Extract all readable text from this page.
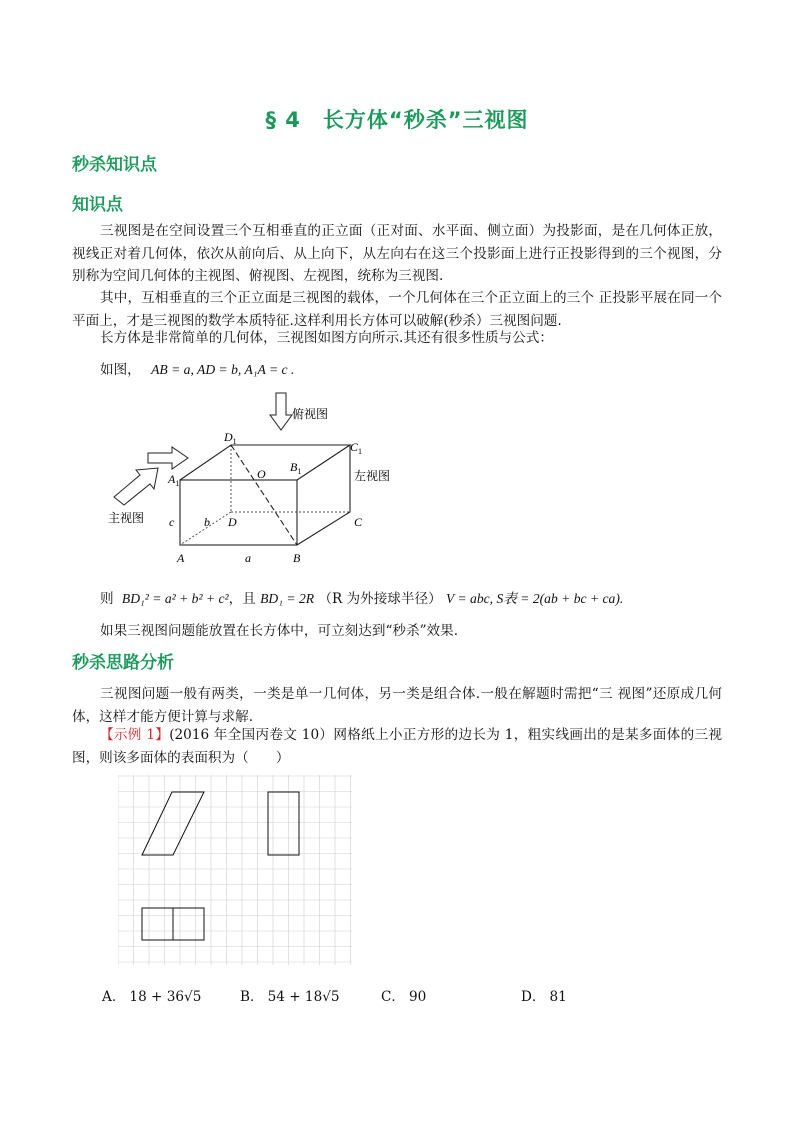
§ 4　长方体“秒杀”三视图
秒杀知识点
知识点
三视图是在空间设置三个互相垂直的正立面（正对面、水平面、侧立面）为投影面，是在几何体正放，视线正对着几何体，依次从前向后、从上向下，从左向右在这三个投影面上进行正投影得到的三个视图，分别称为空间几何体的主视图、俯视图、左视图，统称为三视图.
其中，互相垂直的三个正立面是三视图的载体，一个几何体在三个正立面上的三个 正投影平展在同一个平面上，才是三视图的数学本质特征.这样利用长方体可以破解(秒杀）三视图问题.
长方体是非常简单的几何体，三视图如图方向所示.其还有很多性质与公式：
如图， AB = a, AD = b, A₁A = c .
俯视图
左视图
主视图
$D_1$	$C_1$
$B_1$
$A_1$
O
D	C
A	B
a
b
c
则 BD₁² = a² + b² + c²，且 BD₁ = 2R （R 为外接球半径） V = abc, S表 = 2(ab + bc + ca).
如果三视图问题能放置在长方体中，可立刻达到“秒杀”效果.
秒杀思路分析
三视图问题一般有两类，一类是单一几何体，另一类是组合体.一般在解题时需把“三 视图”还原成几何体，这样才能方便计算与求解.
【示例 1】(2016 年全国丙卷文 10）网格纸上小正方形的边长为 1，粗实线画出的是某多面体的三视图，则该多面体的表面积为（　　）
A． 18 + 36√5	B． 54 + 18√5	C． 90	D． 81
